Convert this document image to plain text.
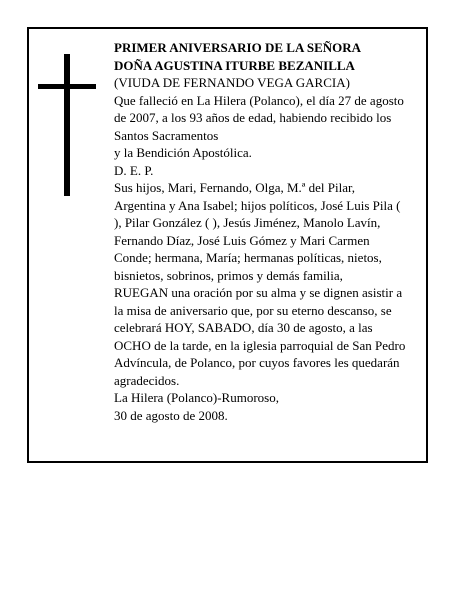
PRIMER ANIVERSARIO DE LA SEÑORA
DOÑA AGUSTINA ITURBE BEZANILLA
(VIUDA DE FERNANDO VEGA GARCIA)
Que falleció en La Hilera (Polanco), el día 27 de agosto
de 2007, a los 93 años de edad, habiendo recibido los
Santos Sacramentos
y la Bendición Apostólica.
D. E. P.
Sus hijos, Mari, Fernando, Olga, M.ª del Pilar,
Argentina y Ana Isabel; hijos políticos, José Luis Pila (
), Pilar González ( ), Jesús Jiménez, Manolo Lavín,
Fernando Díaz, José Luis Gómez y Mari Carmen
Conde; hermana, María; hermanas políticas, nietos,
bisnietos, sobrinos, primos y demás familia,
RUEGAN una oración por su alma y se dignen asistir a
la misa de aniversario que, por su eterno descanso, se
celebrará HOY, SABADO, día 30 de agosto, a las
OCHO de la tarde, en la iglesia parroquial de San Pedro
Advíncula, de Polanco, por cuyos favores les quedarán
agradecidos.
La Hilera (Polanco)-Rumoroso,
30 de agosto de 2008.
